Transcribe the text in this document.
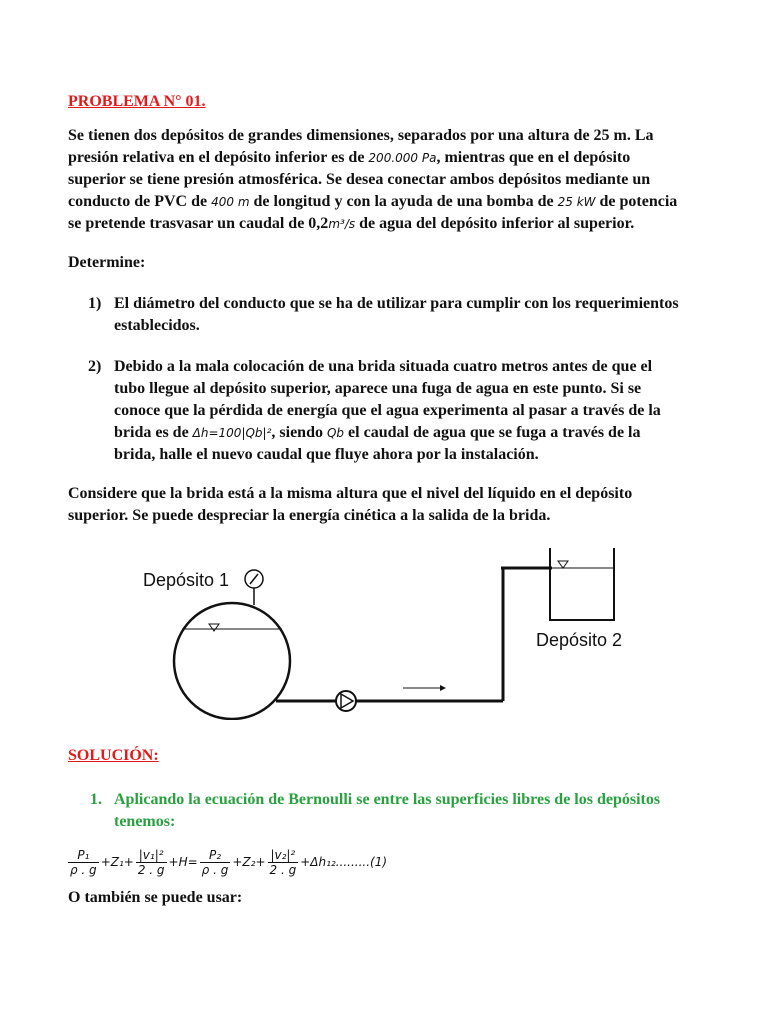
PROBLEMA N° 01.
Se tienen dos depósitos de grandes dimensiones, separados por una altura de 25 m. La
presión relativa en el depósito inferior es de 200.000 Pa, mientras que en el depósito
superior se tiene presión atmosférica. Se desea conectar ambos depósitos mediante un
conducto de PVC de 400 m de longitud y con la ayuda de una bomba de 25 kW de potencia
se pretende trasvasar un caudal de 0,2m³/s de agua del depósito inferior al superior.
Determine:
1) El diámetro del conducto que se ha de utilizar para cumplir con los requerimientos
establecidos.
2) Debido a la mala colocación de una brida situada cuatro metros antes de que el
tubo llegue al depósito superior, aparece una fuga de agua en este punto. Si se
conoce que la pérdida de energía que el agua experimenta al pasar a través de la
brida es de Δh=100|Qb|², siendo Qb el caudal de agua que se fuga a través de la
brida, halle el nuevo caudal que fluye ahora por la instalación.
Considere que la brida está a la misma altura que el nivel del líquido en el depósito
superior. Se puede despreciar la energía cinética a la salida de la brida.
Depósito 1
Depósito 2
SOLUCIÓN:
1. Aplicando la ecuación de Bernoulli se entre las superficies libres de los depósitos
tenemos:
$\frac{\text{P₁}}{\rho . g} +Z_1+ \frac{\text{|v₁|²}}{2 . g} +H= \frac{\text{P₂}}{\rho . g} +Z_2+ \frac{\text{|v₂|²}}{2 . g} +\Delta h_{12}.........(1)$
O también se puede usar:
